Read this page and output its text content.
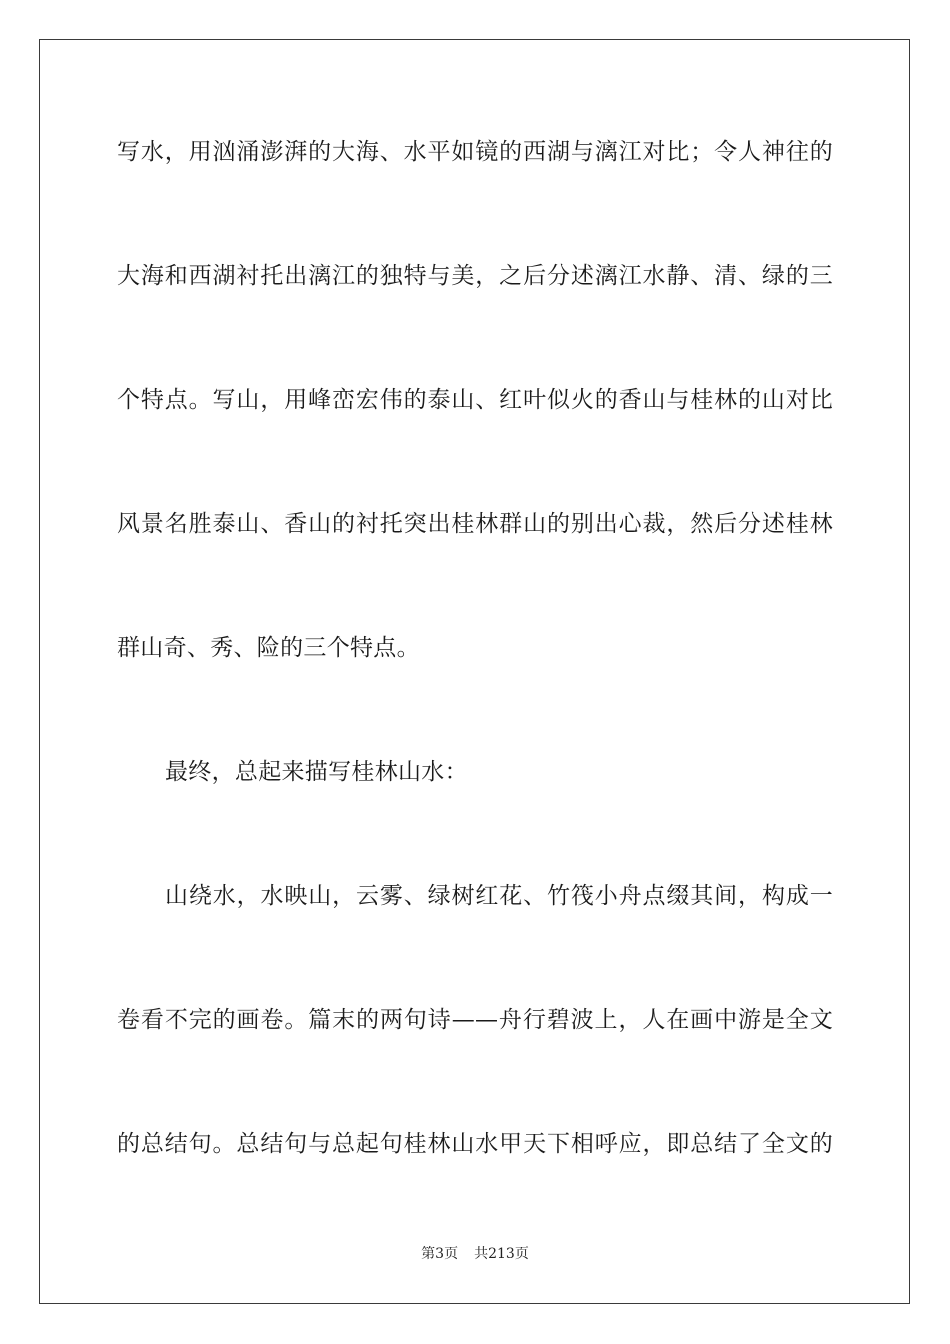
写水，用汹涌澎湃的大海、水平如镜的西湖与漓江对比；令人神往的
大海和西湖衬托出漓江的独特与美，之后分述漓江水静、清、绿的三
个特点。写山，用峰峦宏伟的泰山、红叶似火的香山与桂林的山对比
风景名胜泰山、香山的衬托突出桂林群山的别出心裁，然后分述桂林
群山奇、秀、险的三个特点。
最终，总起来描写桂林山水：
山绕水，水映山，云雾、绿树红花、竹筏小舟点缀其间，构成一
卷看不完的画卷。篇末的两句诗——舟行碧波上，人在画中游是全文
的总结句。总结句与总起句桂林山水甲天下相呼应，即总结了全文的
第3页 共213页
